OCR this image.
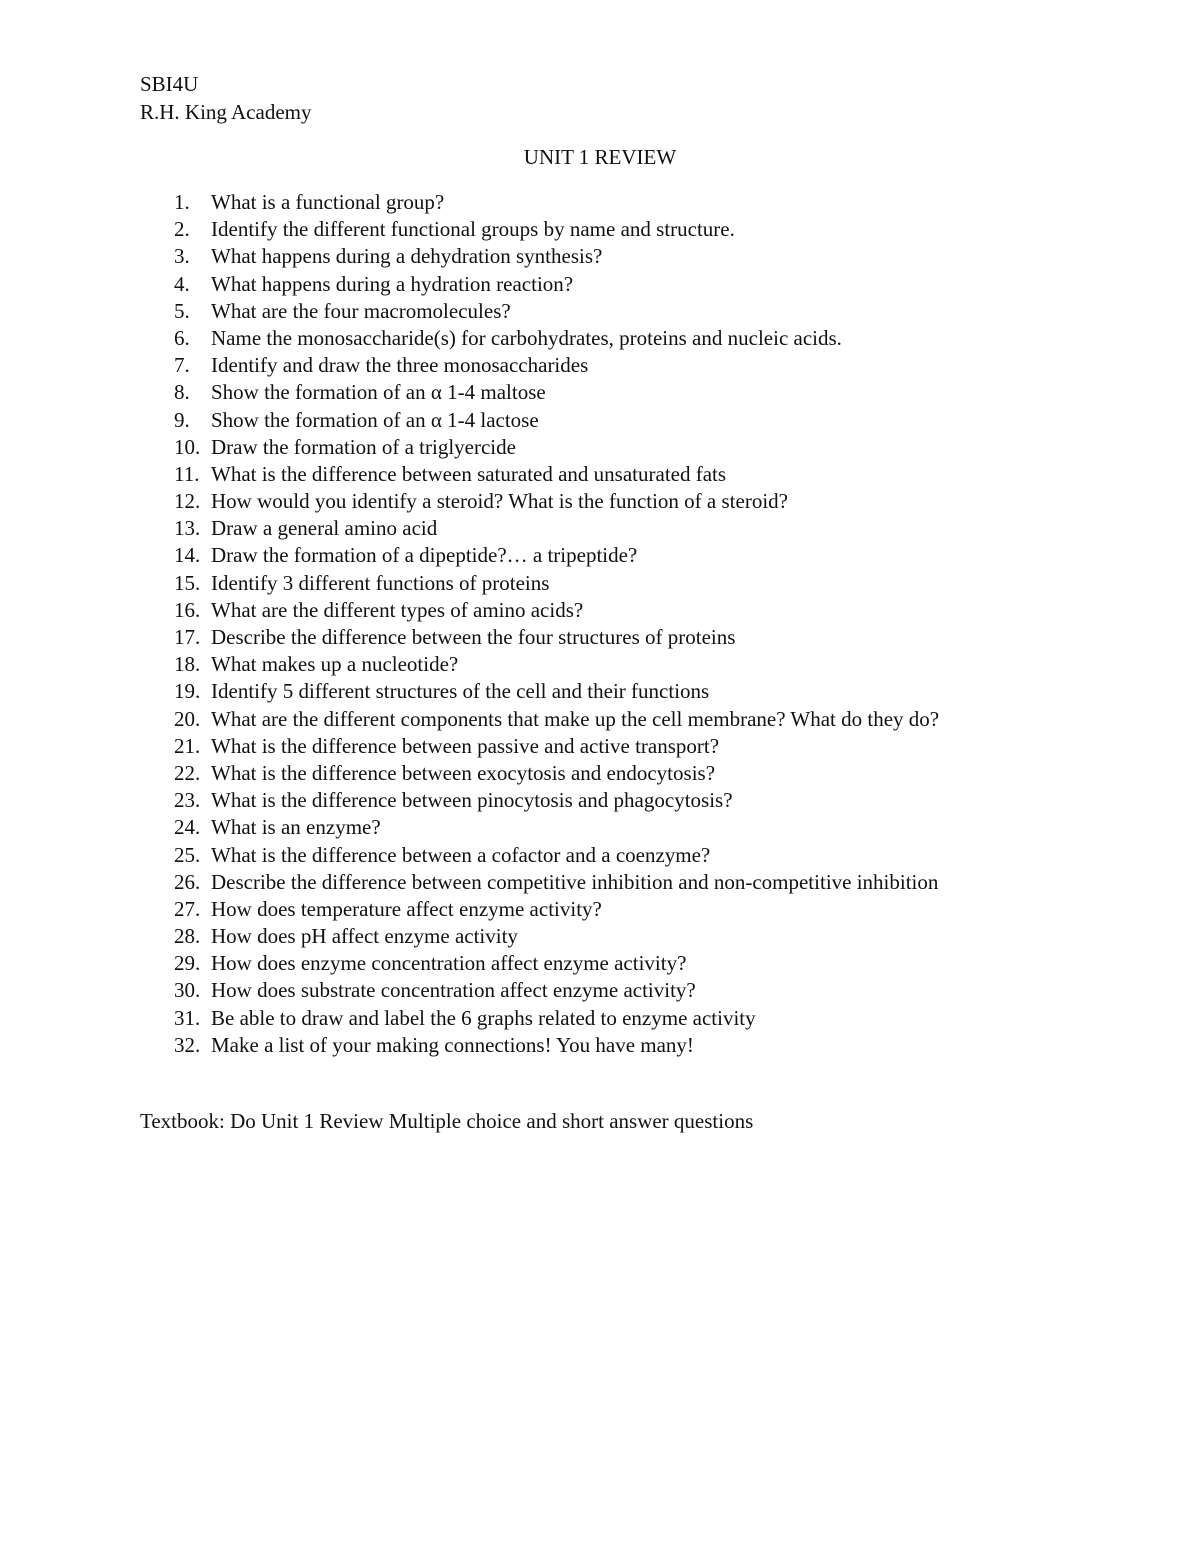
SBI4U

R.H. King Academy

UNIT 1 REVIEW
1.	What is a functional group?
2.	Identify the different functional groups by name and structure.
3.	What happens during a dehydration synthesis?
4.	What happens during a hydration reaction?
5.	What are the four macromolecules?
6.	Name the monosaccharide(s) for carbohydrates, proteins and nucleic acids.
7.	Identify and draw the three monosaccharides
8.	Show the formation of an α 1-4 maltose
9.	Show the formation of an α 1-4 lactose
10. Draw the formation of a triglyercide
11. What is the difference between saturated and unsaturated fats
12. How would you identify a steroid? What is the function of a steroid?
13. Draw a general amino acid
14. Draw the formation of a dipeptide?… a tripeptide?
15. Identify 3 different functions of proteins
16. What are the different types of amino acids?
17. Describe the difference between the four structures of proteins
18. What makes up a nucleotide?
19. Identify 5 different structures of the cell and their functions
20. What are the different components that make up the cell membrane? What do they do?
21. What is the difference between passive and active transport?
22. What is the difference between exocytosis and endocytosis?
23. What is the difference between pinocytosis and phagocytosis?
24. What is an enzyme?
25. What is the difference between a cofactor and a coenzyme?
26. Describe the difference between competitive inhibition and non-competitive inhibition
27. How does temperature affect enzyme activity?
28. How does pH affect enzyme activity
29. How does enzyme concentration affect enzyme activity?
30. How does substrate concentration affect enzyme activity?
31. Be able to draw and label the 6 graphs related to enzyme activity
32. Make a list of your making connections! You have many!

Textbook: Do Unit 1 Review Multiple choice and short answer questions
